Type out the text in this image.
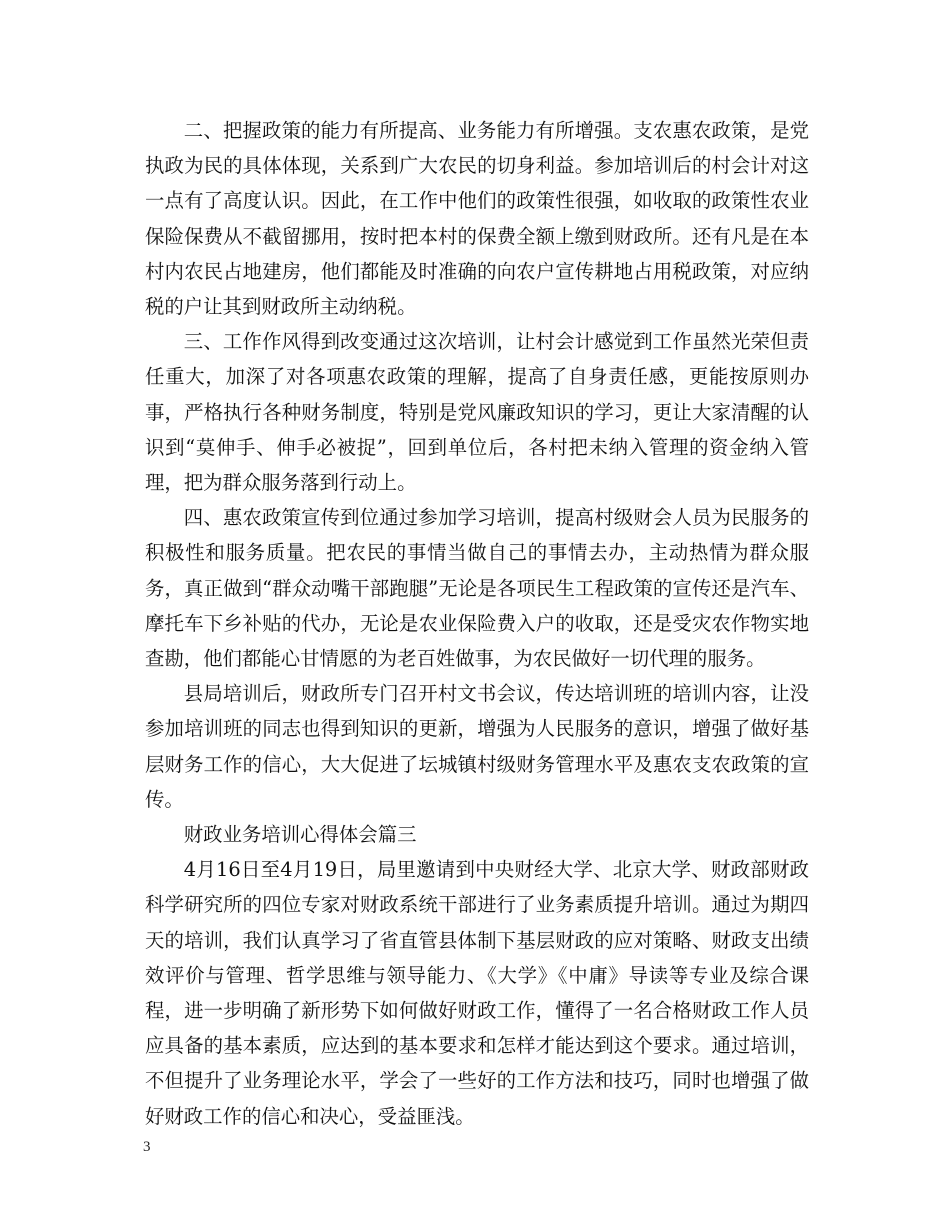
二、把握政策的能力有所提高、业务能力有所增强。支农惠农政策，是党执政为民的具体体现，关系到广大农民的切身利益。参加培训后的村会计对这一点有了高度认识。因此，在工作中他们的政策性很强，如收取的政策性农业保险保费从不截留挪用，按时把本村的保费全额上缴到财政所。还有凡是在本村内农民占地建房，他们都能及时准确的向农户宣传耕地占用税政策，对应纳税的户让其到财政所主动纳税。

三、工作作风得到改变通过这次培训，让村会计感觉到工作虽然光荣但责任重大，加深了对各项惠农政策的理解，提高了自身责任感，更能按原则办事，严格执行各种财务制度，特别是党风廉政知识的学习，更让大家清醒的认识到“莫伸手、伸手必被捉”，回到单位后，各村把未纳入管理的资金纳入管理，把为群众服务落到行动上。

四、惠农政策宣传到位通过参加学习培训，提高村级财会人员为民服务的积极性和服务质量。把农民的事情当做自己的事情去办，主动热情为群众服务，真正做到“群众动嘴干部跑腿”无论是各项民生工程政策的宣传还是汽车、摩托车下乡补贴的代办，无论是农业保险费入户的收取，还是受灾农作物实地查勘，他们都能心甘情愿的为老百姓做事，为农民做好一切代理的服务。

县局培训后，财政所专门召开村文书会议，传达培训班的培训内容，让没参加培训班的同志也得到知识的更新，增强为人民服务的意识，增强了做好基层财务工作的信心，大大促进了坛城镇村级财务管理水平及惠农支农政策的宣传。

财政业务培训心得体会篇三

4月16日至4月19日，局里邀请到中央财经大学、北京大学、财政部财政科学研究所的四位专家对财政系统干部进行了业务素质提升培训。通过为期四天的培训，我们认真学习了省直管县体制下基层财政的应对策略、财政支出绩效评价与管理、哲学思维与领导能力、《大学》《中庸》导读等专业及综合课程，进一步明确了新形势下如何做好财政工作，懂得了一名合格财政工作人员应具备的基本素质，应达到的基本要求和怎样才能达到这个要求。通过培训，不但提升了业务理论水平，学会了一些好的工作方法和技巧，同时也增强了做好财政工作的信心和决心，受益匪浅。

3
